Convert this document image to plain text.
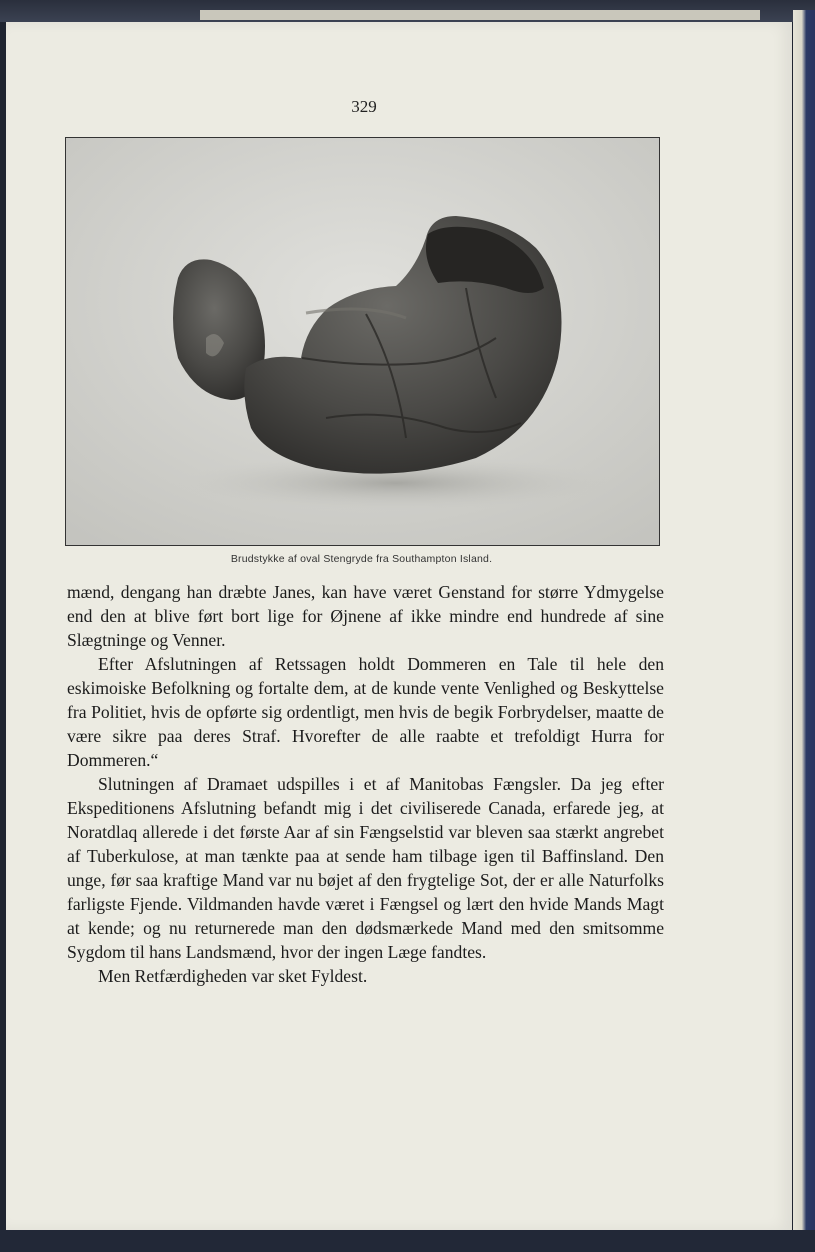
329
Brudstykke af oval Stengryde fra Southampton Island.

mænd, dengang han dræbte Janes, kan have været Genstand for større Ydmygelse end den at blive ført bort lige for Øjnene af ikke mindre end hundrede af sine Slægtninge og Venner.

Efter Afslutningen af Retssagen holdt Dommeren en Tale til hele den eskimoiske Befolkning og fortalte dem, at de kunde vente Venlighed og Beskyttelse fra Politiet, hvis de opførte sig ordentligt, men hvis de begik Forbrydelser, maatte de være sikre paa deres Straf. Hvorefter de alle raabte et trefoldigt Hurra for Dommeren.“

Slutningen af Dramaet udspilles i et af Manitobas Fængsler. Da jeg efter Ekspeditionens Afslutning befandt mig i det civiliserede Canada, erfarede jeg, at Noratdlaq allerede i det første Aar af sin Fængselstid var bleven saa stærkt angrebet af Tuberkulose, at man tænkte paa at sende ham tilbage igen til Baffinsland. Den unge, før saa kraftige Mand var nu bøjet af den frygtelige Sot, der er alle Naturfolks farligste Fjende. Vildmanden havde været i Fængsel og lært den hvide Mands Magt at kende; og nu returnerede man den dødsmærkede Mand med den smitsomme Sygdom til hans Landsmænd, hvor der ingen Læge fandtes.

Men Retfærdigheden var sket Fyldest.
